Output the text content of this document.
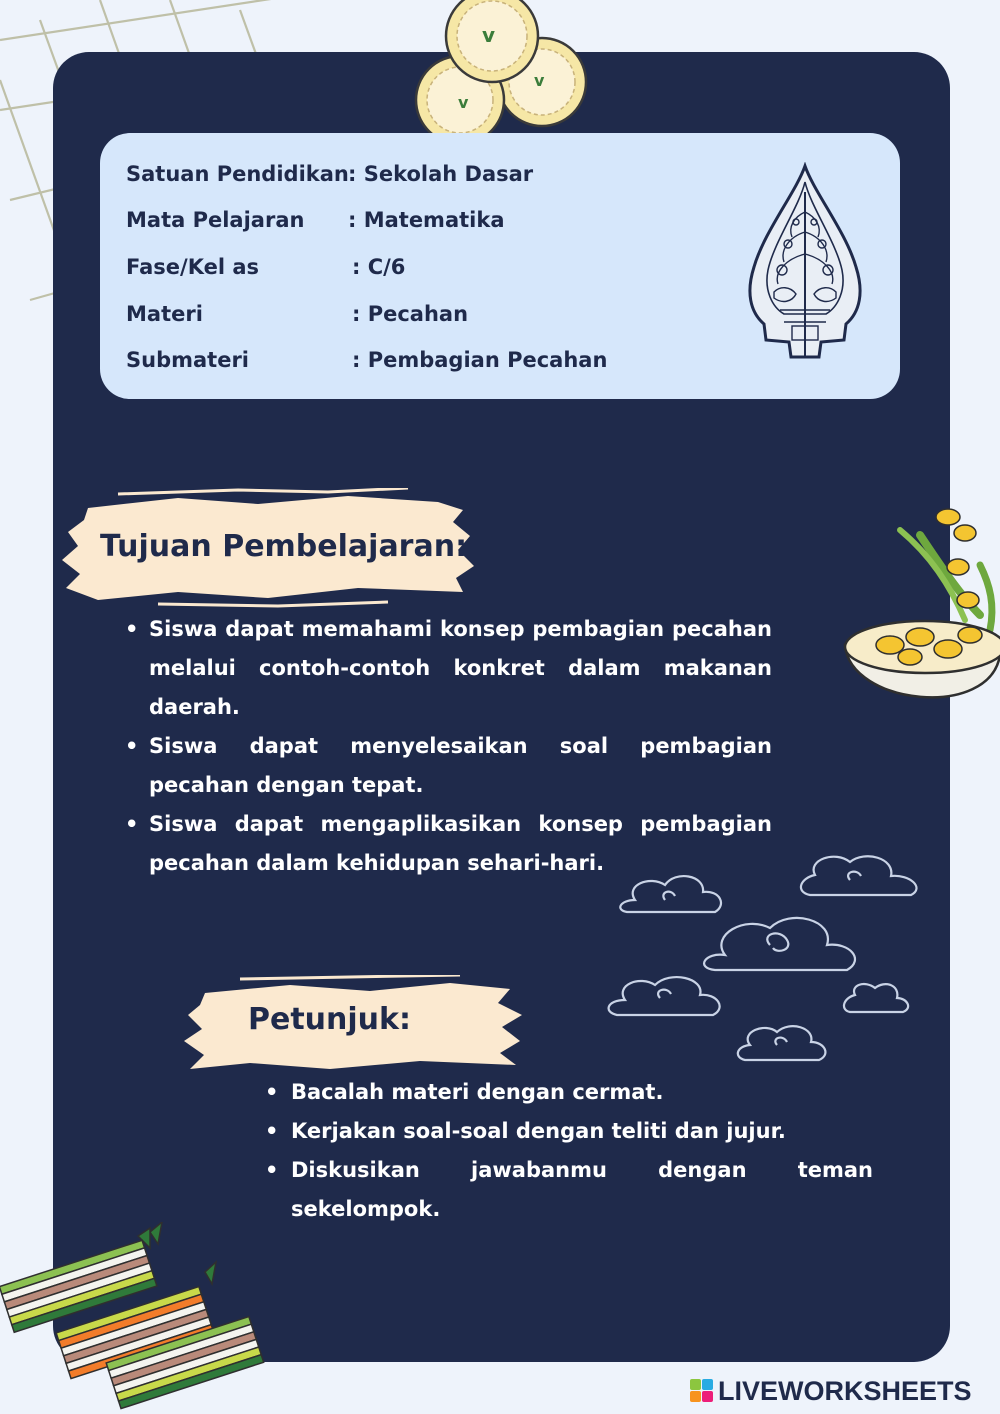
v
v
v
Satuan Pendidikan : Sekolah Dasar
Mata Pelajaran : Matematika
Fase/Kel as	: C/6
Materi	: Pecahan
Submateri	: Pembagian Pecahan
Tujuan Pembelajaran:
• Siswa dapat memahami konsep pembagian pecahan melalui contoh-contoh konkret dalam makanan daerah.
• Siswa dapat menyelesaikan soal pembagian pecahan dengan tepat.
• Siswa dapat mengaplikasikan konsep pembagian pecahan dalam kehidupan sehari-hari.
Petunjuk:
• Bacalah materi dengan cermat.
• Kerjakan soal-soal dengan teliti dan jujur.
• Diskusikan jawabanmu dengan teman sekelompok.
LIVEWORKSHEETS
